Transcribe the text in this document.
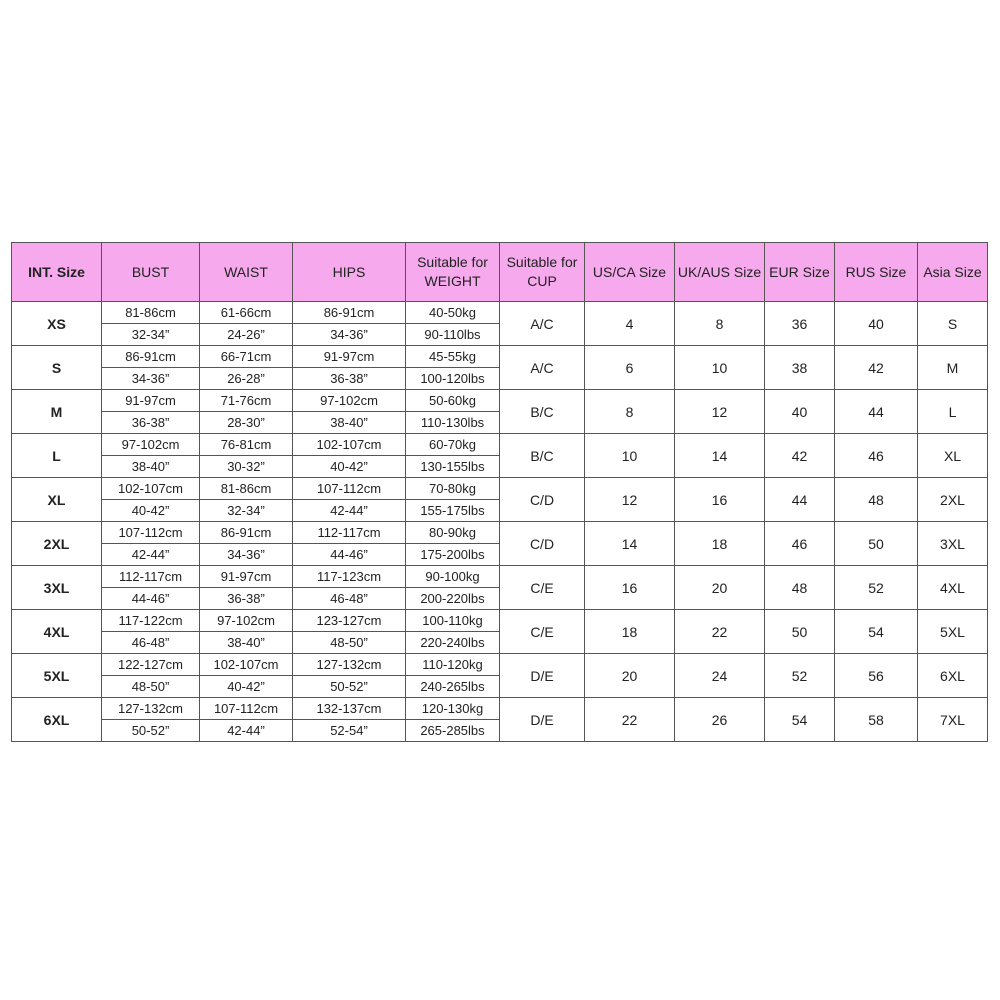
INT. Size	BUST	WAIST	HIPS	Suitable for WEIGHT	Suitable for CUP	US/CA Size	UK/AUS Size	EUR Size	RUS Size	Asia Size
XS	81-86cm	61-66cm	86-91cm	40-50kg	A/C	4	8	36	40	S
	32-34”	24-26”	34-36”	90-110lbs						
S	86-91cm	66-71cm	91-97cm	45-55kg	A/C	6	10	38	42	M
	34-36”	26-28”	36-38”	100-120lbs						
M	91-97cm	71-76cm	97-102cm	50-60kg	B/C	8	12	40	44	L
	36-38”	28-30”	38-40”	110-130lbs						
L	97-102cm	76-81cm	102-107cm	60-70kg	B/C	10	14	42	46	XL
	38-40”	30-32”	40-42”	130-155lbs						
XL	102-107cm	81-86cm	107-112cm	70-80kg	C/D	12	16	44	48	2XL
	40-42”	32-34”	42-44”	155-175lbs						
2XL	107-112cm	86-91cm	112-117cm	80-90kg	C/D	14	18	46	50	3XL
	42-44”	34-36”	44-46”	175-200lbs						
3XL	112-117cm	91-97cm	117-123cm	90-100kg	C/E	16	20	48	52	4XL
	44-46”	36-38”	46-48”	200-220lbs						
4XL	117-122cm	97-102cm	123-127cm	100-110kg	C/E	18	22	50	54	5XL
	46-48”	38-40”	48-50”	220-240lbs						
5XL	122-127cm	102-107cm	127-132cm	110-120kg	D/E	20	24	52	56	6XL
	48-50”	40-42”	50-52”	240-265lbs						
6XL	127-132cm	107-112cm	132-137cm	120-130kg	D/E	22	26	54	58	7XL
	50-52”	42-44”	52-54”	265-285lbs						
